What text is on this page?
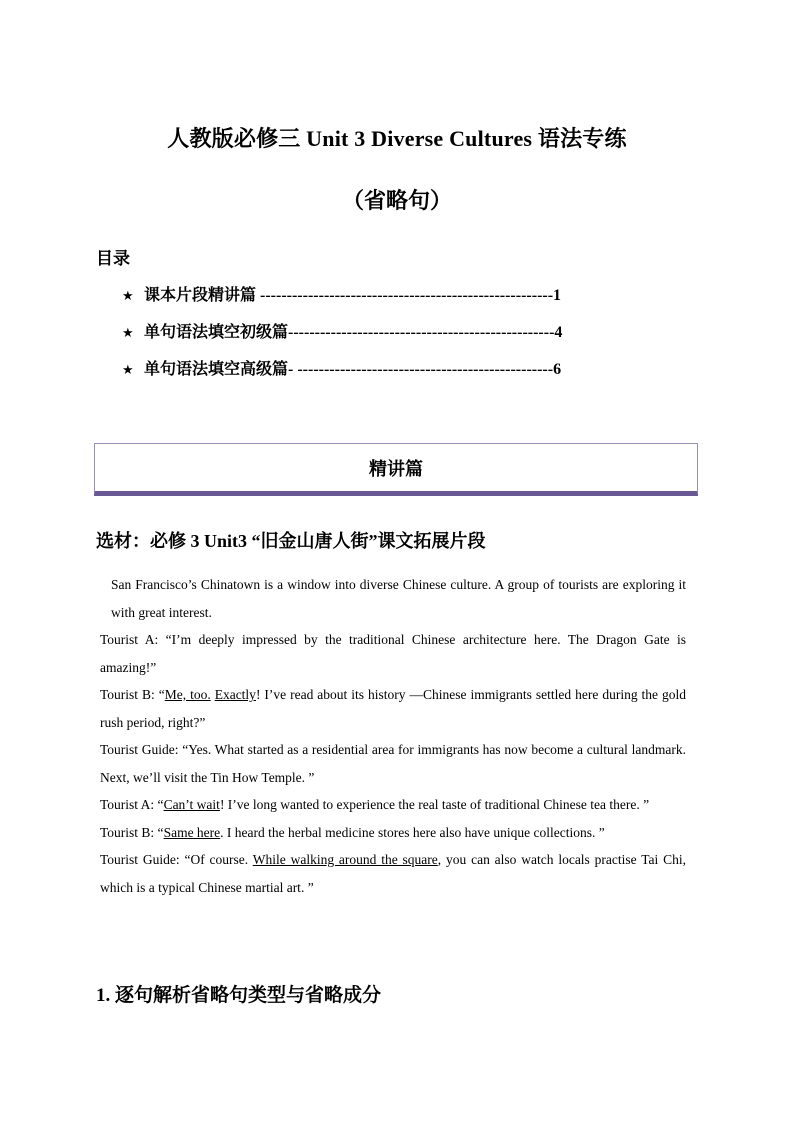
人教版必修三 Unit 3 Diverse Cultures 语法专练
（省略句）
目录
★ 课本片段精讲篇 -------------------------------------------------------1
★ 单句语法填空初级篇--------------------------------------------------4
★ 单句语法填空高级篇- ------------------------------------------------6
精讲篇
选材：必修 3 Unit3 “旧金山唐人街”课文拓展片段

San Francisco’s Chinatown is a window into diverse Chinese culture. A group of tourists are exploring it with great interest.

Tourist A: “I’m deeply impressed by the traditional Chinese architecture here. The Dragon Gate is amazing!”

Tourist B: “Me, too. Exactly! I’ve read about its history —Chinese immigrants settled here during the gold rush period, right?”

Tourist Guide: “Yes. What started as a residential area for immigrants has now become a cultural landmark. Next, we’ll visit the Tin How Temple. ”

Tourist A: “Can’t wait! I’ve long wanted to experience the real taste of traditional Chinese tea there. ”

Tourist B: “Same here. I heard the herbal medicine stores here also have unique collections. ”

Tourist Guide: “Of course. While walking around the square, you can also watch locals practise Tai Chi, which is a typical Chinese martial art. ”

1. 逐句解析省略句类型与省略成分
